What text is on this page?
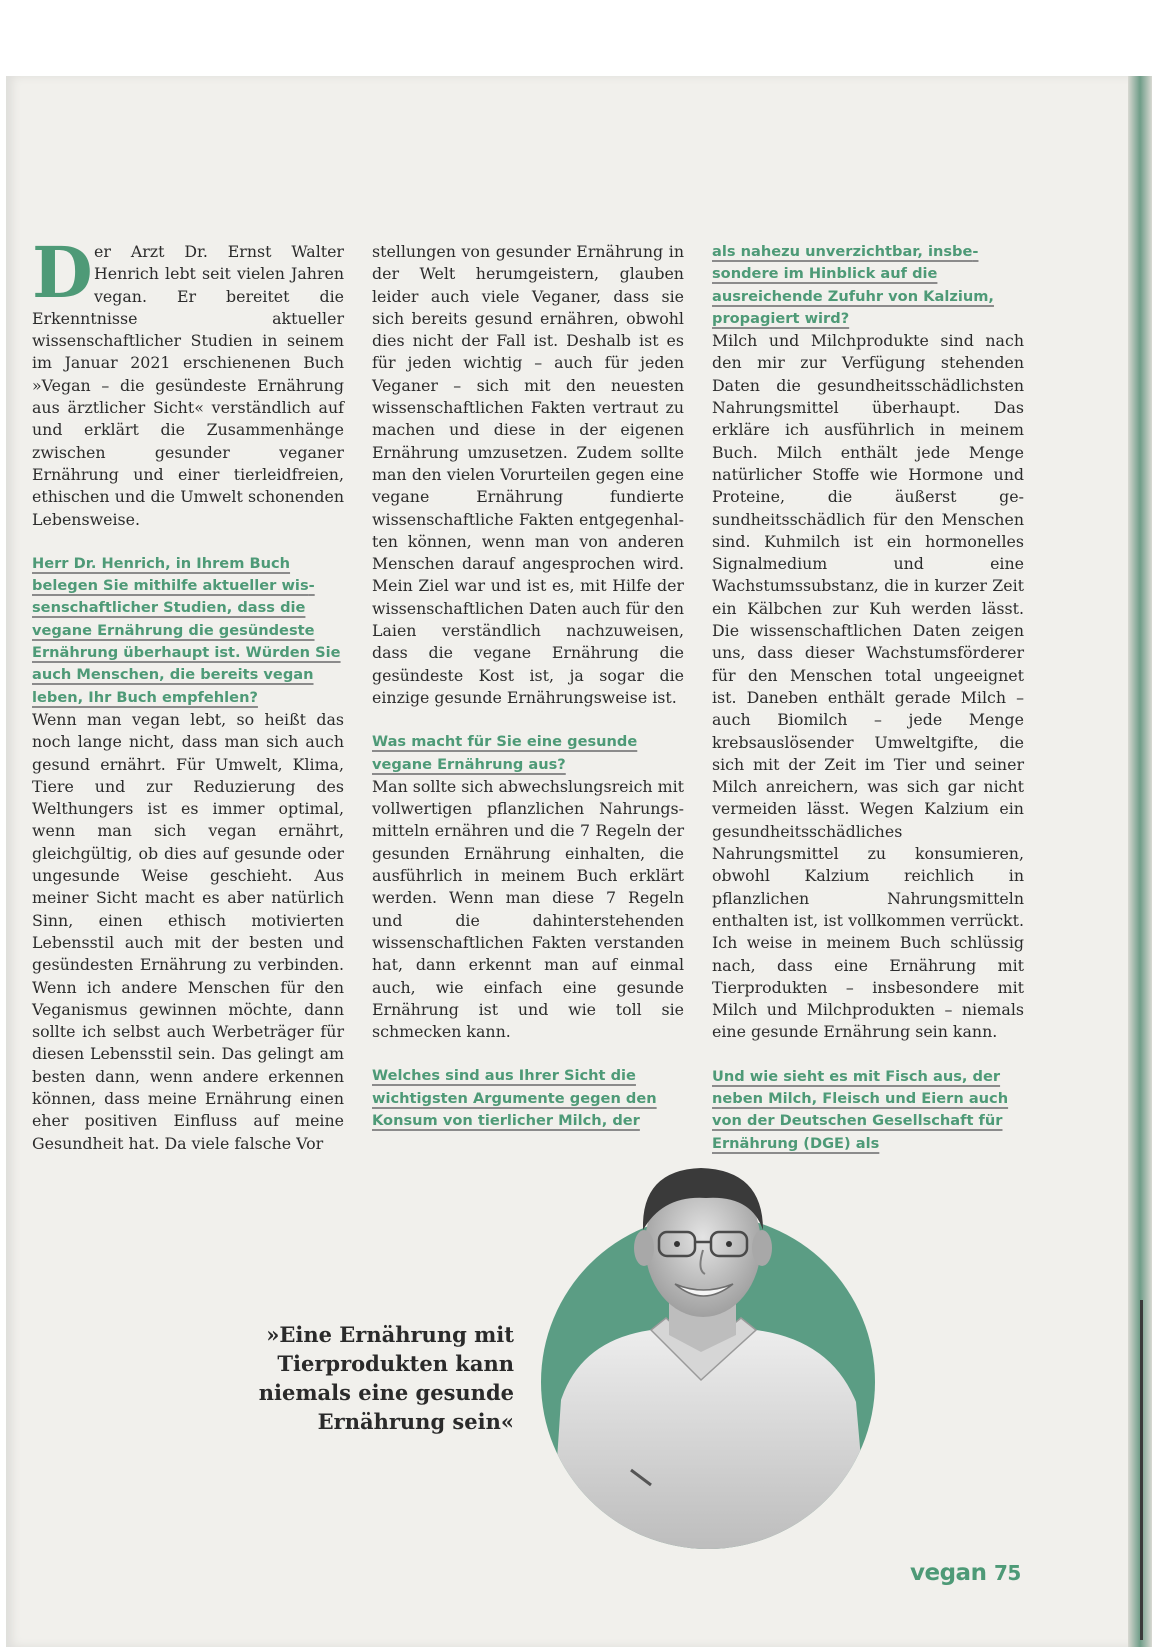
Der Arzt Dr. Ernst Walter Henrich lebt seit vielen Jahren vegan. Er bereitet die Erkenntnisse aktueller wissenschaftlicher Studien in seinem im Januar 2021 erschienenen Buch »Vegan – die gesündeste Ernährung aus ärztlicher Sicht« verständlich auf und erklärt die Zusammenhänge zwischen gesunder veganer Ernährung und einer tierleidfreien, ethischen und die Umwelt schonenden Lebensweise.

Herr Dr. Henrich, in Ihrem Buch belegen Sie mithilfe aktueller wissenschaftlicher Studien, dass die vegane Ernährung die gesündeste Ernährung überhaupt ist. Würden Sie auch Menschen, die bereits vegan leben, Ihr Buch empfehlen?

Wenn man vegan lebt, so heißt das noch lange nicht, dass man sich auch gesund ernährt. Für Umwelt, Klima, Tiere und zur Reduzierung des Welthungers ist es immer optimal, wenn man sich vegan ernährt, gleichgültig, ob dies auf gesunde oder ungesunde Weise geschieht. Aus meiner Sicht macht es aber natürlich Sinn, einen ethisch motivierten Lebensstil auch mit der besten und gesündesten Ernährung zu verbinden. Wenn ich andere Menschen für den Veganismus gewinnen möchte, dann sollte ich selbst auch Werbeträger für diesen Lebensstil sein. Das gelingt am besten dann, wenn andere erkennen können, dass meine Ernährung einen eher positiven Einfluss auf meine Gesundheit hat. Da viele falsche Vor

stellungen von gesunder Ernährung in der Welt herumgeistern, glauben leider auch viele Veganer, dass sie sich bereits gesund ernähren, obwohl dies nicht der Fall ist. Deshalb ist es für jeden wichtig – auch für jeden Veganer – sich mit den neuesten wissenschaftlichen Fakten vertraut zu machen und diese in der eigenen Ernährung umzusetzen. Zudem sollte man den vielen Vorurteilen gegen eine vegane Ernährung fundierte wissenschaftliche Fakten entgegenhalten können, wenn man von anderen Menschen darauf angesprochen wird. Mein Ziel war und ist es, mit Hilfe der wissenschaftlichen Daten auch für den Laien verständlich nachzuweisen, dass die vegane Ernährung die gesündeste Kost ist, ja sogar die einzige gesunde Ernährungsweise ist.

Was macht für Sie eine gesunde vegane Ernährung aus?

Man sollte sich abwechslungsreich mit vollwertigen pflanzlichen Nahrungsmitteln ernähren und die 7 Regeln der gesunden Ernährung einhalten, die ausführlich in meinem Buch erklärt werden. Wenn man diese 7 Regeln und die dahinterstehenden wissenschaftlichen Fakten verstanden hat, dann erkennt man auf einmal auch, wie einfach eine gesunde Ernährung ist und wie toll sie schmecken kann.

Welches sind aus Ihrer Sicht die wichtigsten Argumente gegen den Konsum von tierlicher Milch, der

als nahezu unverzichtbar, insbesondere im Hinblick auf die ausreichende Zufuhr von Kalzium, propagiert wird?

Milch und Milchprodukte sind nach den mir zur Verfügung stehenden Daten die gesundheitsschädlichsten Nahrungsmittel überhaupt. Das erkläre ich ausführlich in meinem Buch. Milch enthält jede Menge natürlicher Stoffe wie Hormone und Proteine, die äußerst gesundheitsschädlich für den Menschen sind. Kuhmilch ist ein hormonelles Signalmedium und eine Wachstumssubstanz, die in kurzer Zeit ein Kälbchen zur Kuh werden lässt. Die wissenschaftlichen Daten zeigen uns, dass dieser Wachstumsförderer für den Menschen total ungeeignet ist. Daneben enthält gerade Milch – auch Biomilch – jede Menge krebsauslösender Umweltgifte, die sich mit der Zeit im Tier und seiner Milch anreichern, was sich gar nicht vermeiden lässt. Wegen Kalzium ein gesundheitsschädliches Nahrungsmittel zu konsumieren, obwohl Kalzium reichlich in pflanzlichen Nahrungsmitteln enthalten ist, ist vollkommen verrückt. Ich weise in meinem Buch schlüssig nach, dass eine Ernährung mit Tierprodukten – insbesondere mit Milch und Milchprodukten – niemals eine gesunde Ernährung sein kann.

Und wie sieht es mit Fisch aus, der neben Milch, Fleisch und Eiern auch von der Deutschen Gesellschaft für Ernährung (DGE) als

»Eine Ernährung mit Tierprodukten kann niemals eine gesunde Ernährung sein«
vegan 75
